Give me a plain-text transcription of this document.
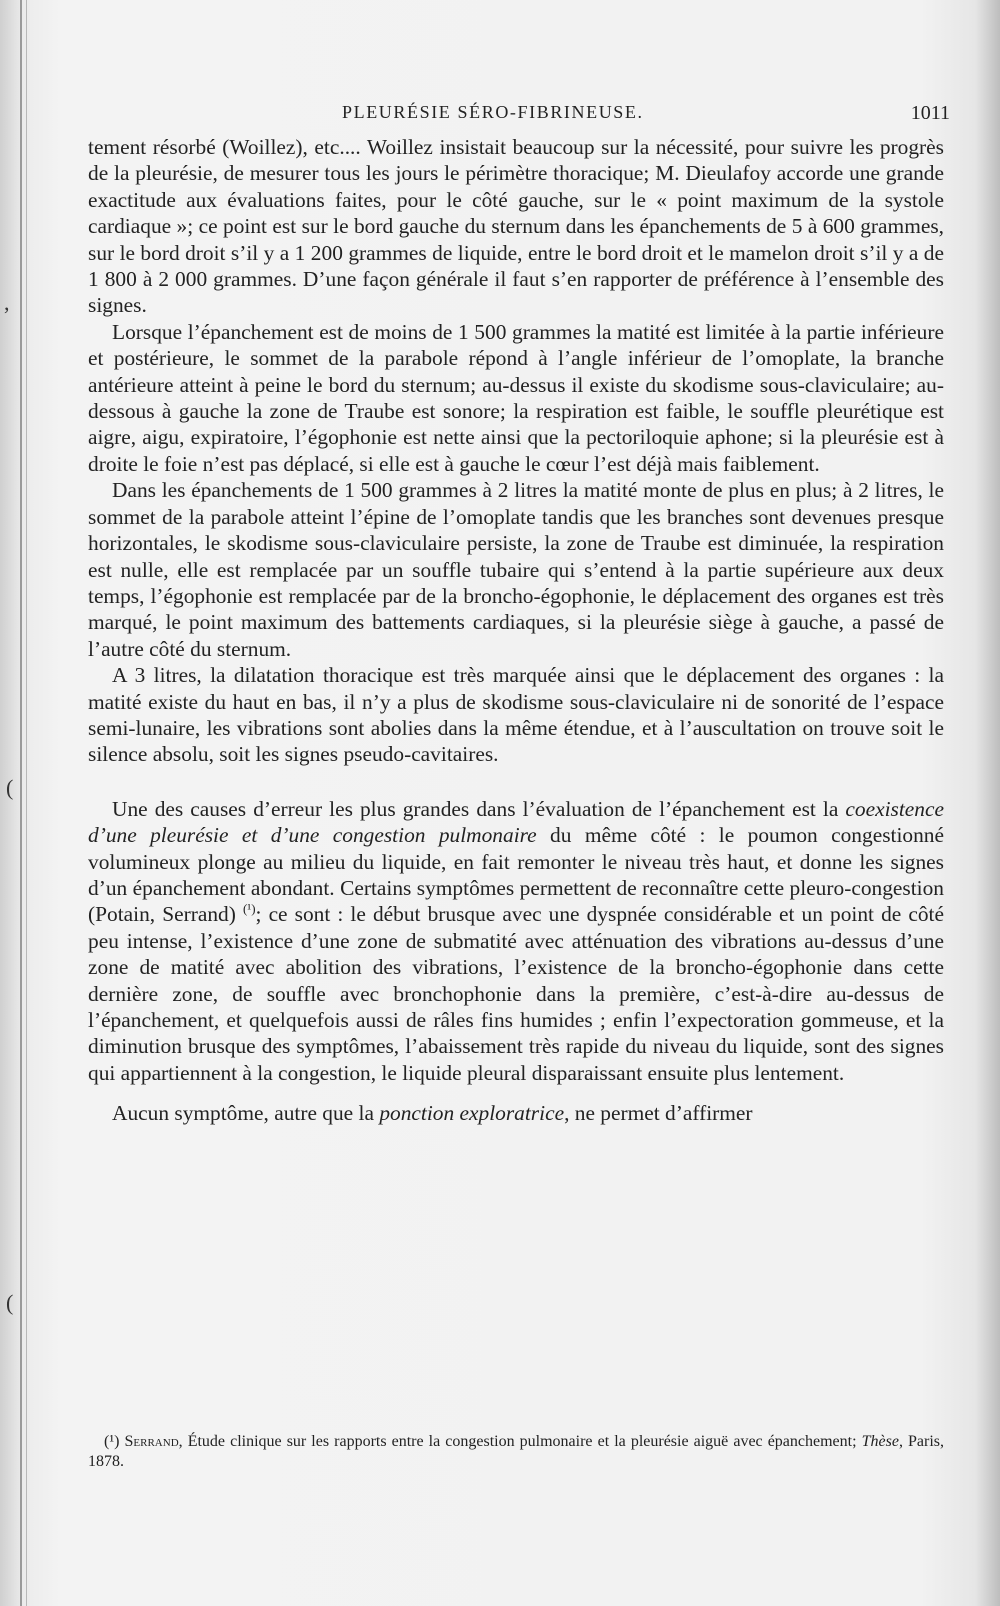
,
(
(
PLEURÉSIE SÉRO-FIBRINEUSE.	1011

tement résorbé (Woillez), etc.... Woillez insistait beaucoup sur la nécessité, pour suivre les progrès de la pleurésie, de mesurer tous les jours le périmètre thoracique; M. Dieulafoy accorde une grande exactitude aux évaluations faites, pour le côté gauche, sur le « point maximum de la systole cardiaque »; ce point est sur le bord gauche du sternum dans les épanchements de 5 à 600 grammes, sur le bord droit s’il y a 1 200 grammes de liquide, entre le bord droit et le mamelon droit s’il y a de 1 800 à 2 000 grammes. D’une façon générale il faut s’en rapporter de préférence à l’ensemble des signes.

Lorsque l’épanchement est de moins de 1 500 grammes la matité est limitée à la partie inférieure et postérieure, le sommet de la parabole répond à l’angle inférieur de l’omoplate, la branche antérieure atteint à peine le bord du sternum; au-dessus il existe du skodisme sous-claviculaire; au-dessous à gauche la zone de Traube est sonore; la respiration est faible, le souffle pleurétique est aigre, aigu, expiratoire, l’égophonie est nette ainsi que la pectoriloquie aphone; si la pleurésie est à droite le foie n’est pas déplacé, si elle est à gauche le cœur l’est déjà mais faiblement.

Dans les épanchements de 1 500 grammes à 2 litres la matité monte de plus en plus; à 2 litres, le sommet de la parabole atteint l’épine de l’omoplate tandis que les branches sont devenues presque horizontales, le skodisme sous-claviculaire persiste, la zone de Traube est diminuée, la respiration est nulle, elle est remplacée par un souffle tubaire qui s’entend à la partie supérieure aux deux temps, l’égophonie est remplacée par de la broncho-égophonie, le déplacement des organes est très marqué, le point maximum des battements cardiaques, si la pleurésie siège à gauche, a passé de l’autre côté du sternum.

A 3 litres, la dilatation thoracique est très marquée ainsi que le déplacement des organes : la matité existe du haut en bas, il n’y a plus de skodisme sous-claviculaire ni de sonorité de l’espace semi-lunaire, les vibrations sont abolies dans la même étendue, et à l’auscultation on trouve soit le silence absolu, soit les signes pseudo-cavitaires.

Une des causes d’erreur les plus grandes dans l’évaluation de l’épanchement est la coexistence d’une pleurésie et d’une congestion pulmonaire du même côté : le poumon congestionné volumineux plonge au milieu du liquide, en fait remonter le niveau très haut, et donne les signes d’un épanchement abondant. Certains symptômes permettent de reconnaître cette pleuro-congestion (Potain, Serrand) $^{(^1)}$; ce sont : le début brusque avec une dyspnée considérable et un point de côté peu intense, l’existence d’une zone de submatité avec atténuation des vibrations au-dessus d’une zone de matité avec abolition des vibrations, l’existence de la broncho-égophonie dans cette dernière zone, de souffle avec bronchophonie dans la première, c’est-à-dire au-dessus de l’épanchement, et quelquefois aussi de râles fins humides ; enfin l’expectoration gommeuse, et la diminution brusque des symptômes, l’abaissement très rapide du niveau du liquide, sont des signes qui appartiennent à la congestion, le liquide pleural disparaissant ensuite plus lentement.

Aucun symptôme, autre que la ponction exploratrice, ne permet d’affirmer

(¹) Serrand, Étude clinique sur les rapports entre la congestion pulmonaire et la pleurésie aiguë avec épanchement; Thèse, Paris, 1878.
